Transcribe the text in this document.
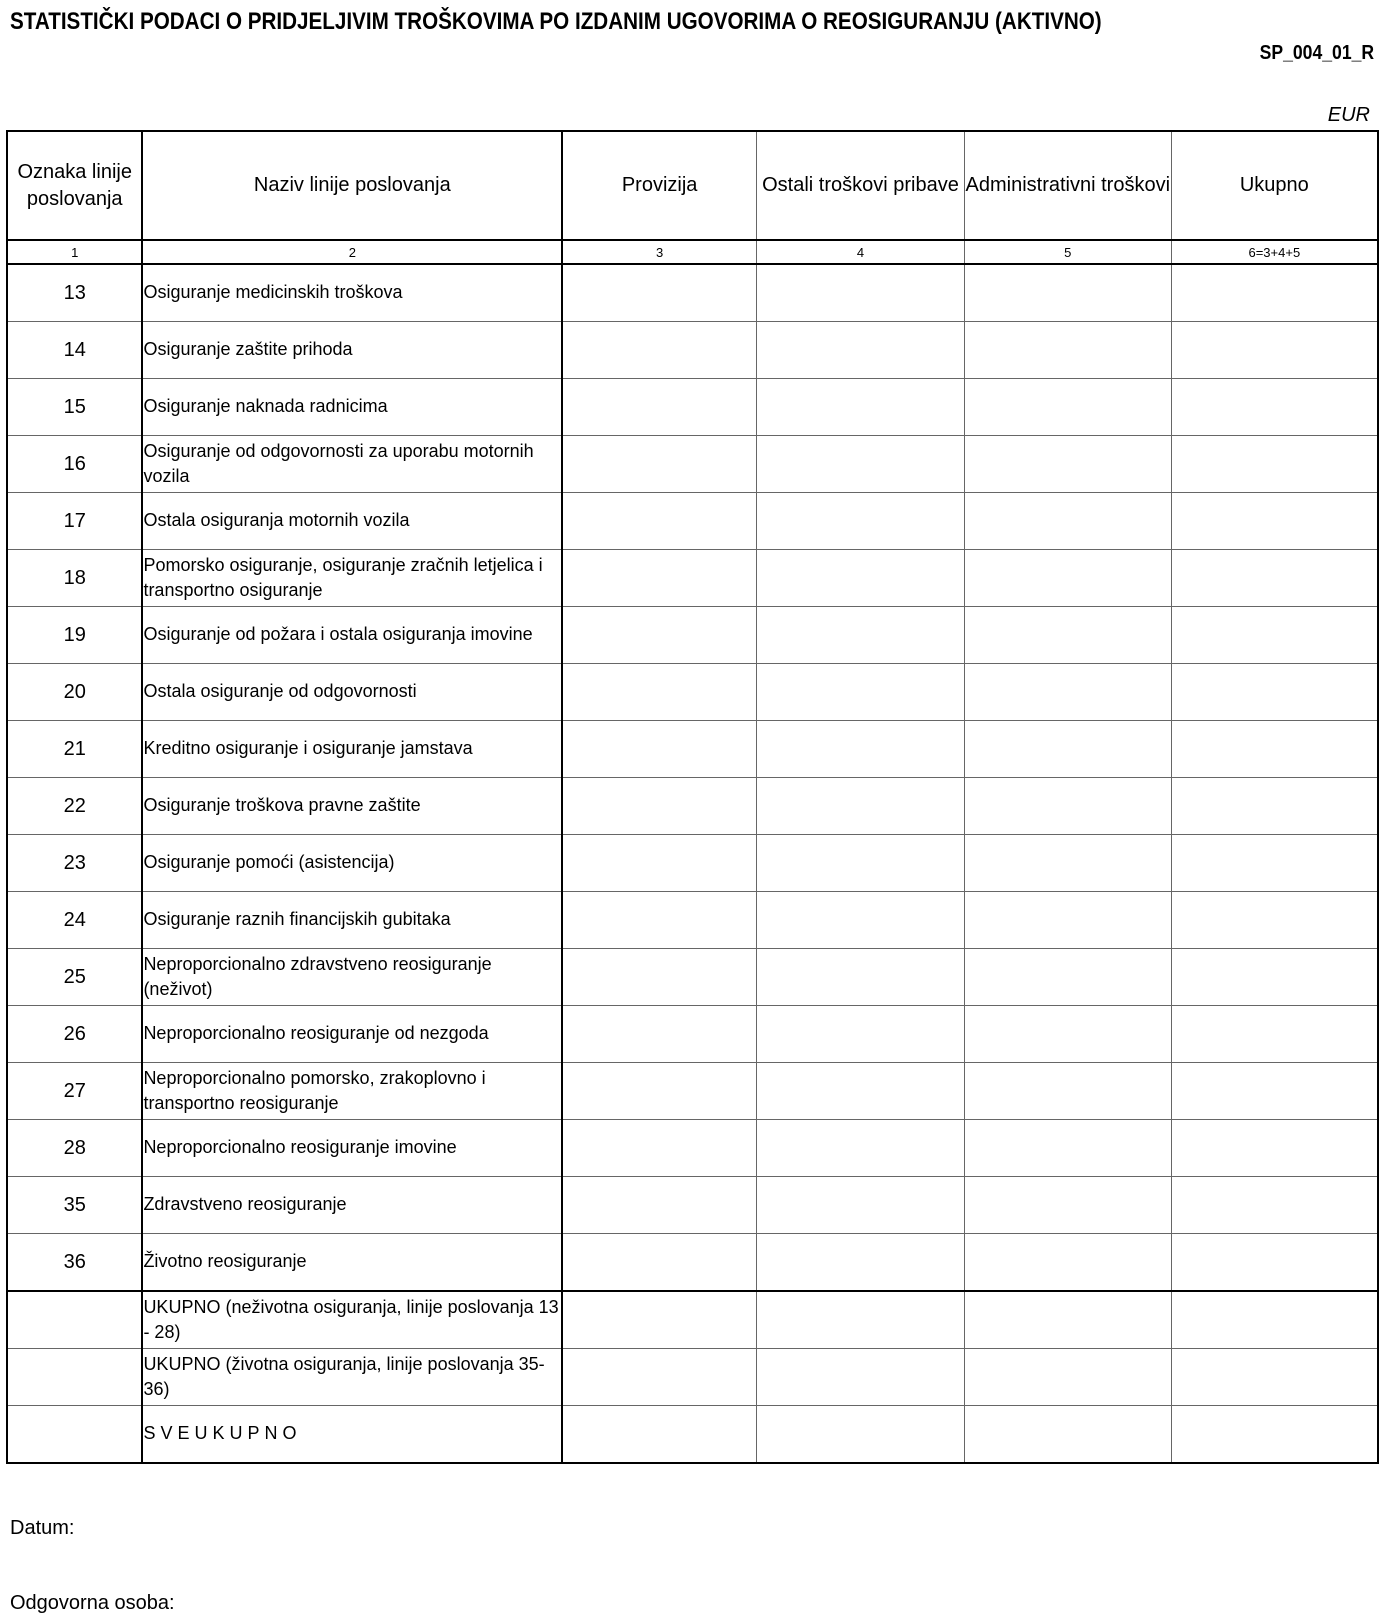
STATISTIČKI PODACI O PRIDJELJIVIM TROŠKOVIMA PO IZDANIM UGOVORIMA O REOSIGURANJU (AKTIVNO)
SP_004_01_R
EUR
Oznaka linije poslovanja	Naziv linije poslovanja	Provizija	Ostali troškovi pribave	Administrativni troškovi	Ukupno
1	2	3	4	5	6=3+4+5
13	Osiguranje medicinskih troškova				
14	Osiguranje zaštite prihoda				
15	Osiguranje naknada radnicima				
16	Osiguranje od odgovornosti za uporabu motornih vozila				
17	Ostala osiguranja motornih vozila				
18	Pomorsko osiguranje, osiguranje zračnih letjelica i transportno osiguranje				
19	Osiguranje od požara i ostala osiguranja imovine				
20	Ostala osiguranje od odgovornosti				
21	Kreditno osiguranje i osiguranje jamstava				
22	Osiguranje troškova pravne zaštite				
23	Osiguranje pomoći (asistencija)				
24	Osiguranje raznih financijskih gubitaka				
25	Neproporcionalno zdravstveno reosiguranje (neživot)				
26	Neproporcionalno reosiguranje od nezgoda				
27	Neproporcionalno pomorsko, zrakoplovno i transportno reosiguranje				
28	Neproporcionalno reosiguranje imovine				
35	Zdravstveno reosiguranje				
36	Životno reosiguranje				
	UKUPNO (neživotna osiguranja, linije poslovanja 13 - 28)				
	UKUPNO (životna osiguranja, linije poslovanja 35-36)				
	SVEUKUPNO				
Datum:
Odgovorna osoba:
